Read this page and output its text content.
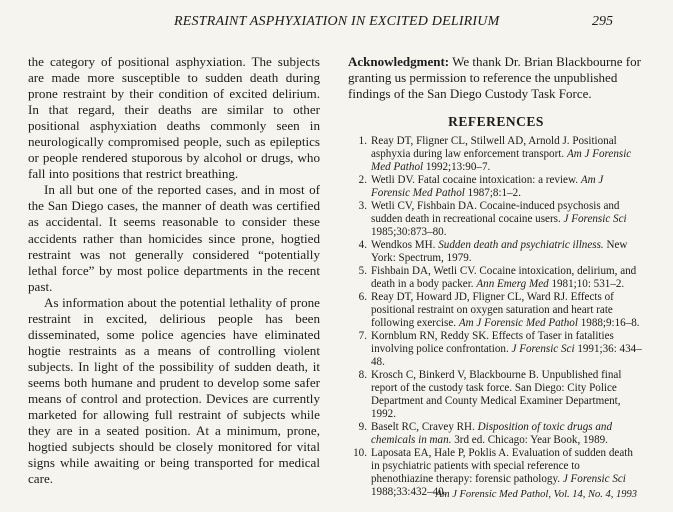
RESTRAINT ASPHYXIATION IN EXCITED DELIRIUM	295

the category of positional asphyxiation. The subjects are made more susceptible to sudden death during prone restraint by their condition of excited delirium. In that regard, their deaths are similar to other positional asphyxiation deaths commonly seen in neurologically compromised people, such as epileptics or people rendered stuporous by alcohol or drugs, who fall into positions that restrict breathing.

In all but one of the reported cases, and in most of the San Diego cases, the manner of death was certified as accidental. It seems reasonable to consider these accidents rather than homicides since prone, hogtied restraint was not generally considered “potentially lethal force” by most police departments in the recent past.

As information about the potential lethality of prone restraint in excited, delirious people has been disseminated, some police agencies have eliminated hogtie restraints as a means of controlling violent subjects. In light of the possibility of sudden death, it seems both humane and prudent to develop some safer means of control and protection. Devices are currently marketed for allowing full restraint of subjects while they are in a seated position. At a minimum, prone, hogtied subjects should be closely monitored for vital signs while awaiting or being transported for medical care.

Acknowledgment: We thank Dr. Brian Blackbourne for granting us permission to reference the unpublished findings of the San Diego Custody Task Force.

REFERENCES
1. Reay DT, Fligner CL, Stilwell AD, Arnold J. Positional asphyxia during law enforcement transport. Am J Forensic Med Pathol 1992;13:90–7.
2. Wetli DV. Fatal cocaine intoxication: a review. Am J Forensic Med Pathol 1987;8:1–2.
3. Wetli CV, Fishbain DA. Cocaine-induced psychosis and sudden death in recreational cocaine users. J Forensic Sci 1985;30:873–80.
4. Wendkos MH. Sudden death and psychiatric illness. New York: Spectrum, 1979.
5. Fishbain DA, Wetli CV. Cocaine intoxication, delirium, and death in a body packer. Ann Emerg Med 1981;10: 531–2.
6. Reay DT, Howard JD, Fligner CL, Ward RJ. Effects of positional restraint on oxygen saturation and heart rate following exercise. Am J Forensic Med Pathol 1988;9:16–8.
7. Kornblum RN, Reddy SK. Effects of Taser in fatalities involving police confrontation. J Forensic Sci 1991;36: 434–48.
8. Krosch C, Binkerd V, Blackbourne B. Unpublished final report of the custody task force. San Diego: City Police Department and County Medical Examiner Department, 1992.
9. Baselt RC, Cravey RH. Disposition of toxic drugs and chemicals in man. 3rd ed. Chicago: Year Book, 1989.
10. Laposata EA, Hale P, Poklis A. Evaluation of sudden death in psychiatric patients with special reference to phenothiazine therapy: forensic pathology. J Forensic Sci 1988;33:432–40.
Am J Forensic Med Pathol, Vol. 14, No. 4, 1993
